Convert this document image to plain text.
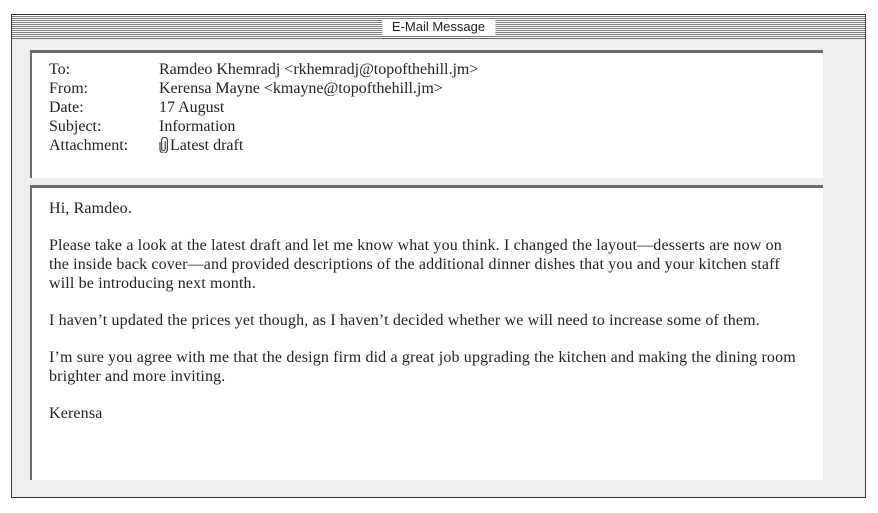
E-Mail Message
To:	Ramdeo Khemradj <rkhemradj@topofthehill.jm>
From:	Kerensa Mayne <kmayne@topofthehill.jm>
Date:	17 August
Subject:	Information
Attachment:	Latest draft

Hi, Ramdeo.

Please take a look at the latest draft and let me know what you think. I changed the layout—desserts are now on the inside back cover—and provided descriptions of the additional dinner dishes that you and your kitchen staff will be introducing next month.

I haven’t updated the prices yet though, as I haven’t decided whether we will need to increase some of them.

I’m sure you agree with me that the design firm did a great job upgrading the kitchen and making the dining room brighter and more inviting.

Kerensa
